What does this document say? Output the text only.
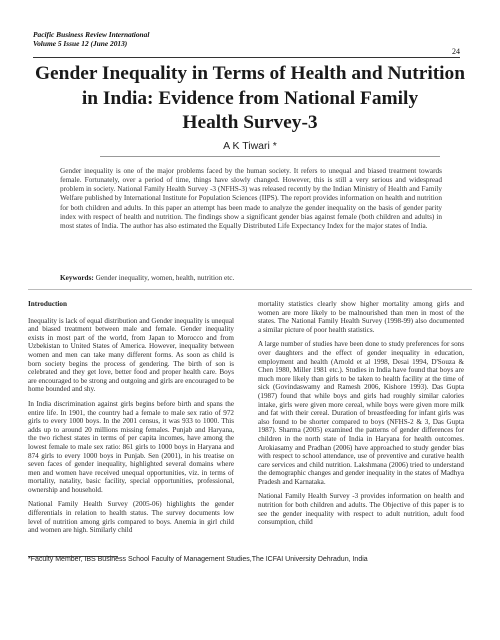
Pacific Business Review International
Volume 5 Issue 12 (June 2013)
24
Gender Inequality in Terms of Health and Nutrition
in India: Evidence from National Family
Health Survey-3
A K Tiwari *
Gender inequality is one of the major problems faced by the human society. It refers to unequal and biased treatment towards female. Fortunately, over a period of time, things have slowly changed. However, this is still a very serious and widespread problem in society. National Family Health Survey -3 (NFHS-3) was released recently by the Indian Ministry of Health and Family Welfare published by International Institute for Population Sciences (IIPS). The report provides information on health and nutrition for both children and adults. In this paper an attempt has been made to analyze the gender inequality on the basis of gender parity index with respect of health and nutrition. The findings show a significant gender bias against female (both children and adults) in most states of India. The author has also estimated the Equally Distributed Life Expectancy Index for the major states of India.
Keywords: Gender inequality, women, health, nutrition etc.
Introduction

Inequality is lack of equal distribution and Gender inequality is unequal and biased treatment between male and female. Gender inequality exists in most part of the world, from Japan to Morocco and from Uzbekistan to United States of America. However, inequality between women and men can take many different forms. As soon as child is born society begins the process of gendering. The birth of son is celebrated and they get love, better food and proper health care. Boys are encouraged to be strong and outgoing and girls are encouraged to be home bounded and shy.

In India discrimination against girls begins before birth and spans the entire life. In 1901, the country had a female to male sex ratio of 972 girls to every 1000 boys. In the 2001 census, it was 933 to 1000. This adds up to around 20 millions missing females. Punjab and Haryana, the two richest states in terms of per capita incomes, have among the lowest female to male sex ratio: 861 girls to 1000 boys in Haryana and 874 girls to every 1000 boys in Punjab. Sen (2001), in his treatise on seven faces of gender inequality, highlighted several domains where men and women have received unequal opportunities, viz. in terms of mortality, natality, basic facility, special opportunities, professional, ownership and household.

National Family Health Survey (2005-06) highlights the gender differentials in relation to health status. The survey documents low level of nutrition among girls compared to boys. Anemia in girl child and women are high. Similarly child

mortality statistics clearly show higher mortality among girls and women are more likely to be malnourished than men in most of the states. The National Family Health Survey (1998-99) also documented a similar picture of poor health statistics.

A large number of studies have been done to study preferences for sons over daughters and the effect of gender inequality in education, employment and health (Arnold et al 1998, Desai 1994, D'Souza & Chen 1980, Miller 1981 etc.). Studies in India have found that boys are much more likely than girls to be taken to health facility at the time of sick (Govindaswamy and Ramesh 2006, Kishore 1993). Das Gupta (1987) found that while boys and girls had roughly similar calories intake, girls were given more cereal, while boys were given more milk and fat with their cereal. Duration of breastfeeding for infant girls was also found to be shorter compared to boys (NFHS-2 & 3, Das Gupta 1987). Sharma (2005) examined the patterns of gender differences for children in the north state of India in Haryana for health outcomes. Arokiasamy and Pradhan (2006) have approached to study gender bias with respect to school attendance, use of preventive and curative health care services and child nutrition. Lakshmana (2006) tried to understand the demographic changes and gender inequality in the states of Madhya Pradesh and Karnataka.

National Family Health Survey -3 provides information on health and nutrition for both children and adults. The Objective of this paper is to see the gender inequality with respect to adult nutrition, adult food consumption, child

*Faculty Member, IBS Business School Faculty of Management Studies,The ICFAI University Dehradun, India
